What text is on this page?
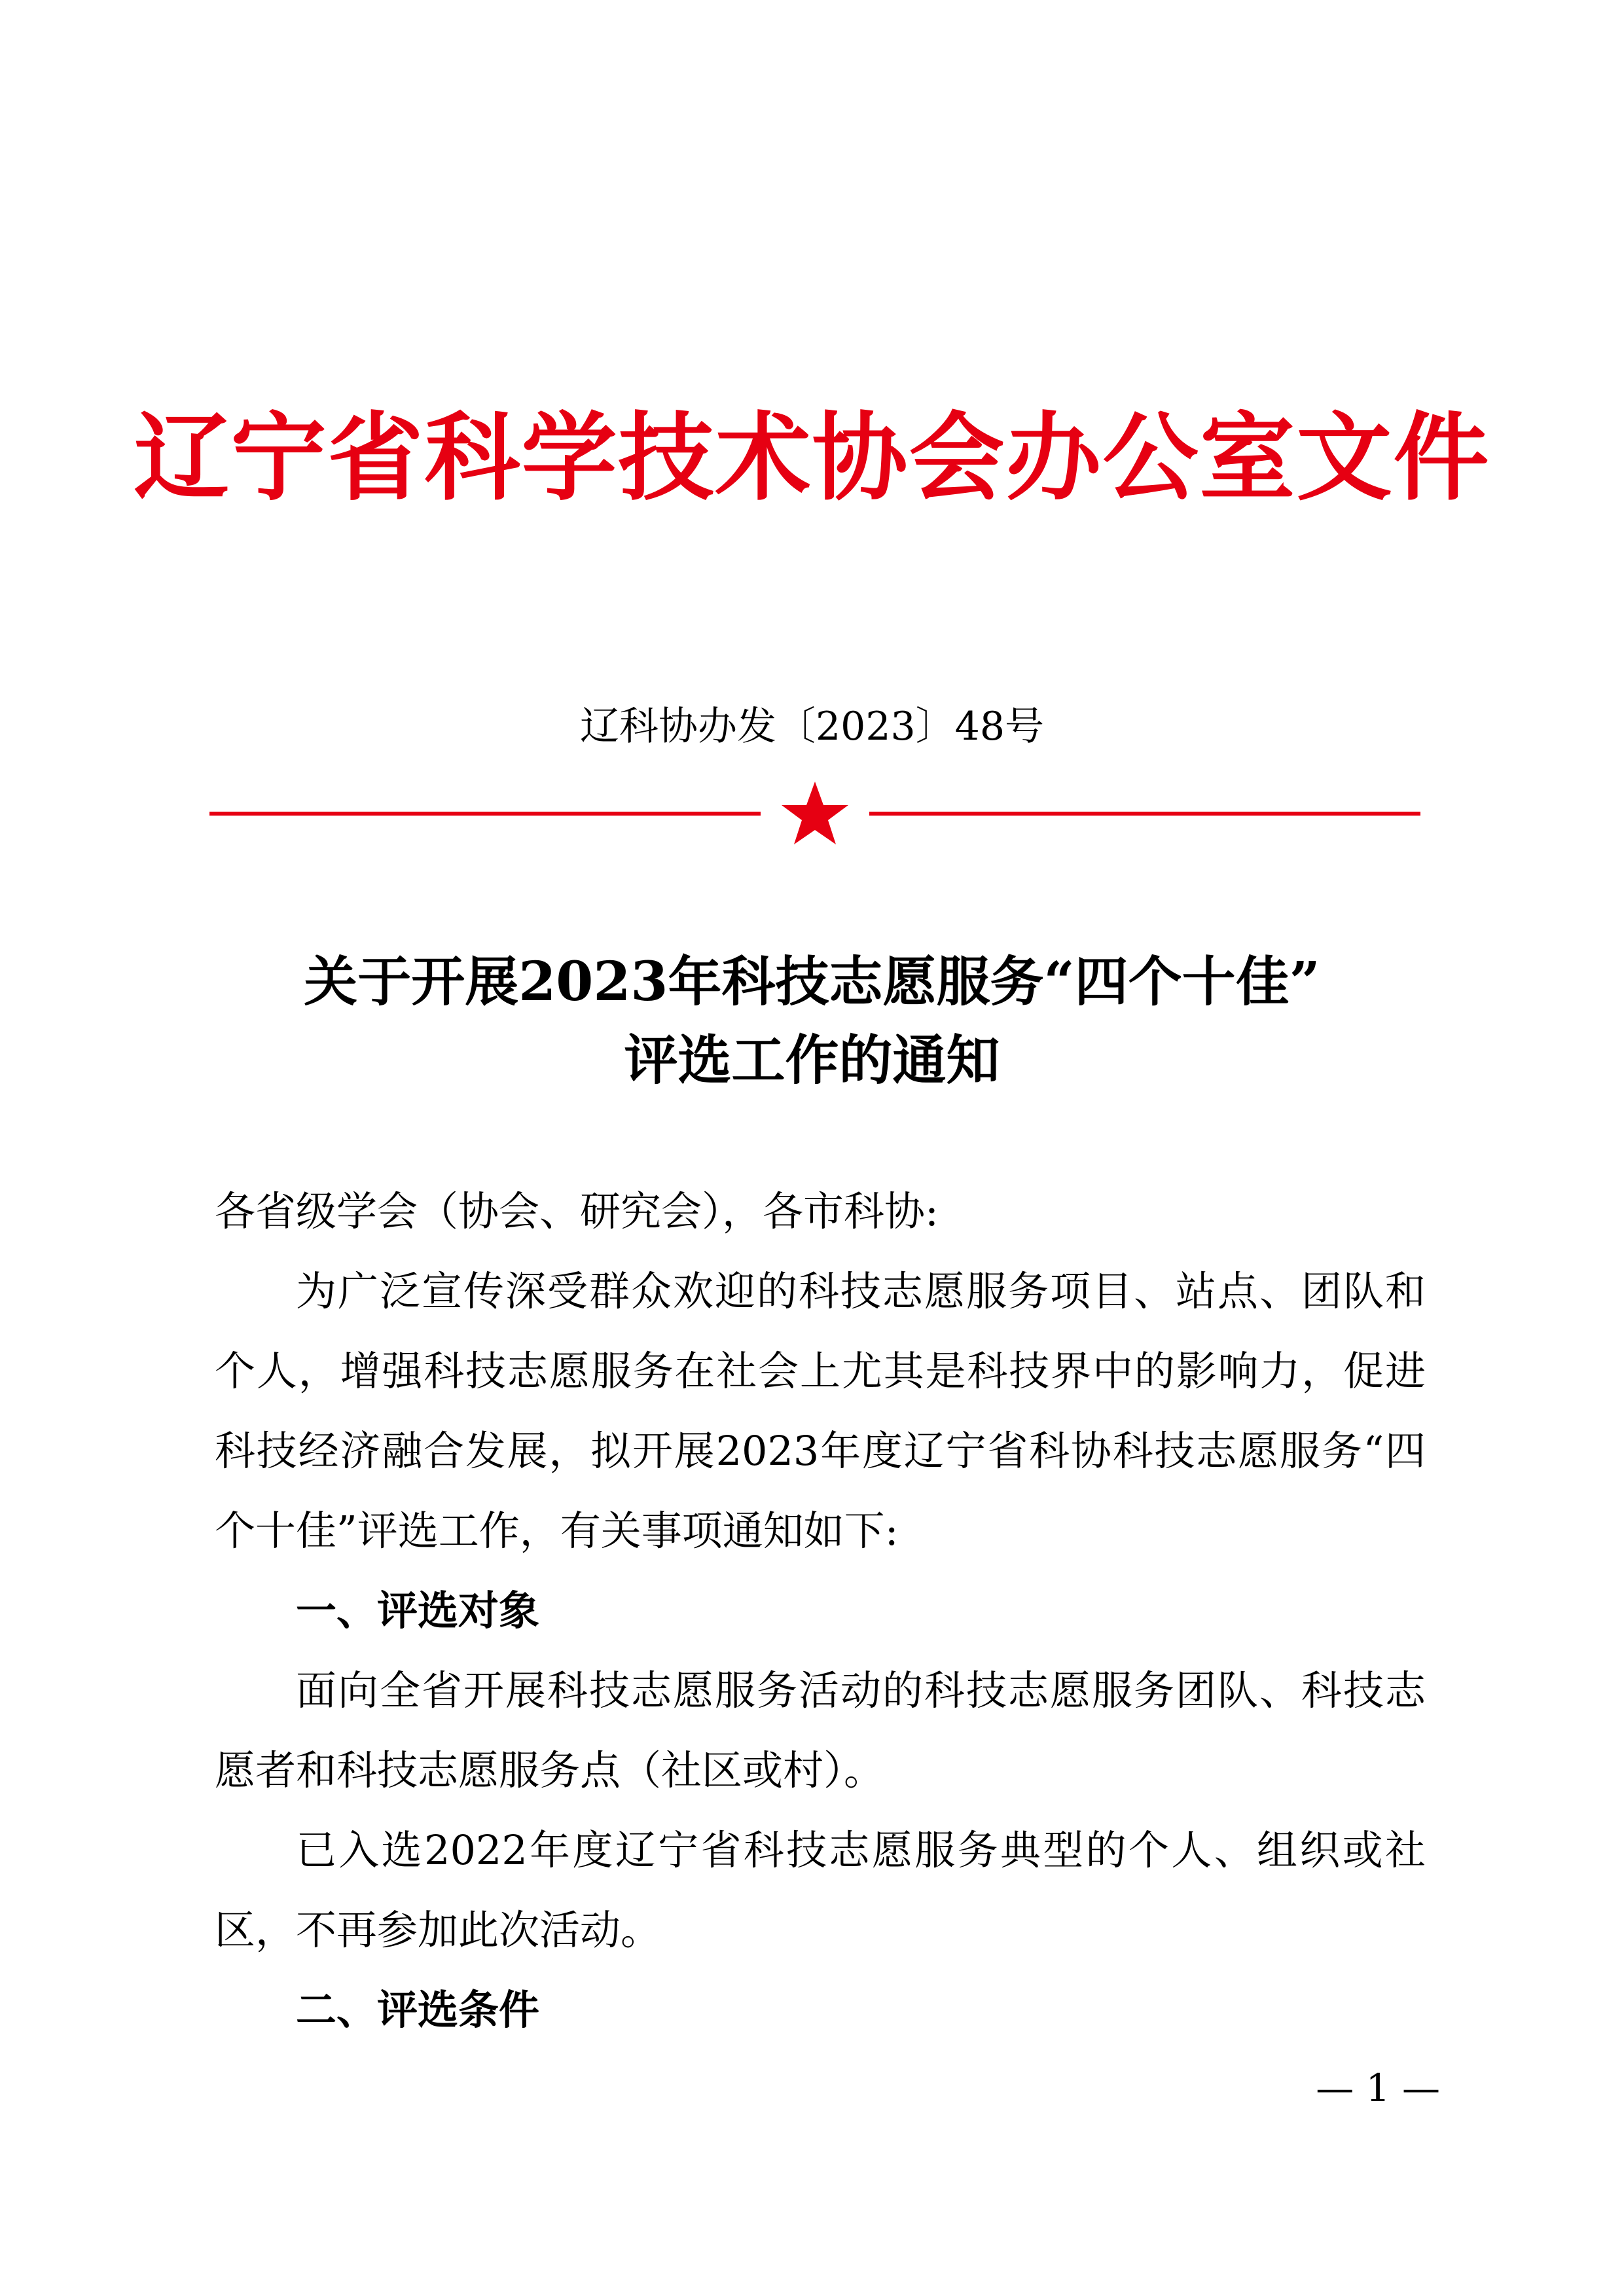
辽宁省科学技术协会办公室文件
辽科协办发〔2023〕48号
关于开展2023年科技志愿服务“四个十佳”
评选工作的通知

各省级学会（协会、研究会），各市科协:

为广泛宣传深受群众欢迎的科技志愿服务项目、站点、团队和个人，增强科技志愿服务在社会上尤其是科技界中的影响力，促进科技经济融合发展，拟开展2023年度辽宁省科协科技志愿服务“四个十佳”评选工作，有关事项通知如下:

一、评选对象

面向全省开展科技志愿服务活动的科技志愿服务团队、科技志愿者和科技志愿服务点（社区或村）。

已入选2022年度辽宁省科技志愿服务典型的个人、组织或社区，不再参加此次活动。

二、评选条件

— 1 —
